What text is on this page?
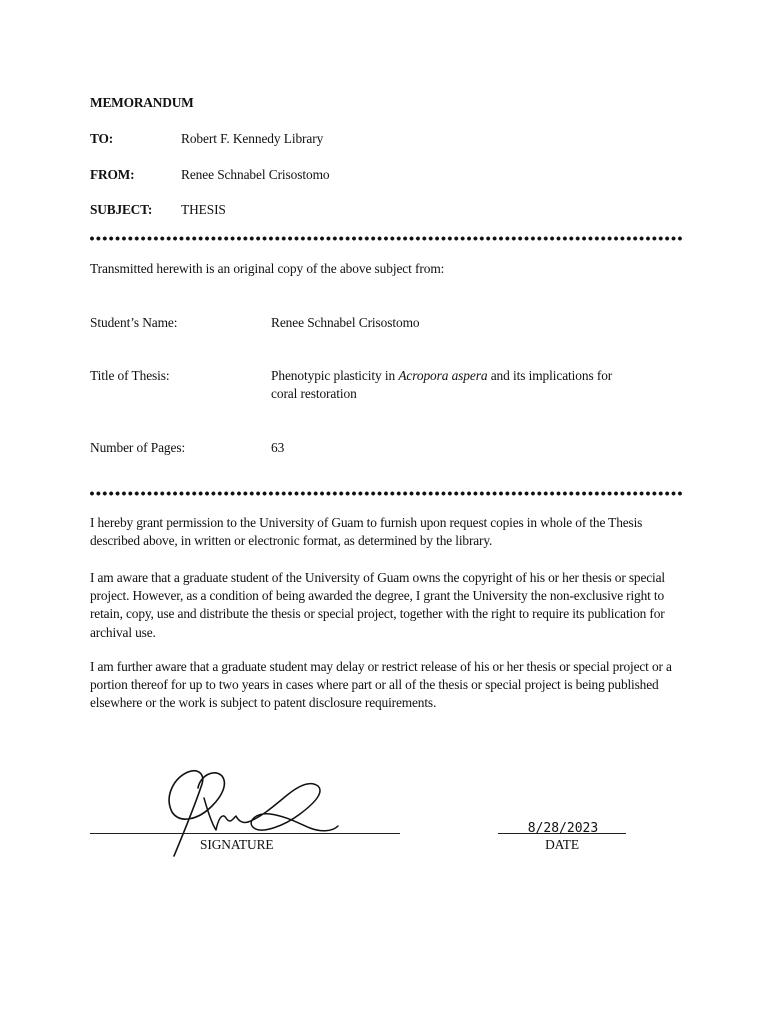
MEMORANDUM
TO:	Robert F. Kennedy Library
FROM:	Renee Schnabel Crisostomo
SUBJECT: THESIS
Transmitted herewith is an original copy of the above subject from:
Student’s Name:	Renee Schnabel Crisostomo
Title of Thesis:	Phenotypic plasticity in Acropora aspera and its implications for
coral restoration
Number of Pages:	63

I hereby grant permission to the University of Guam to furnish upon request copies in whole of the Thesis described above, in written or electronic format, as determined by the library.

I am aware that a graduate student of the University of Guam owns the copyright of his or her thesis or special project. However, as a condition of being awarded the degree, I grant the University the non-exclusive right to retain, copy, use and distribute the thesis or special project, together with the right to require its publication for archival use.

I am further aware that a graduate student may delay or restrict release of his or her thesis or special project or a portion thereof for up to two years in cases where part or all of the thesis or special project is being published elsewhere or the work is subject to patent disclosure requirements.

SIGNATURE
8/28/2023
DATE
